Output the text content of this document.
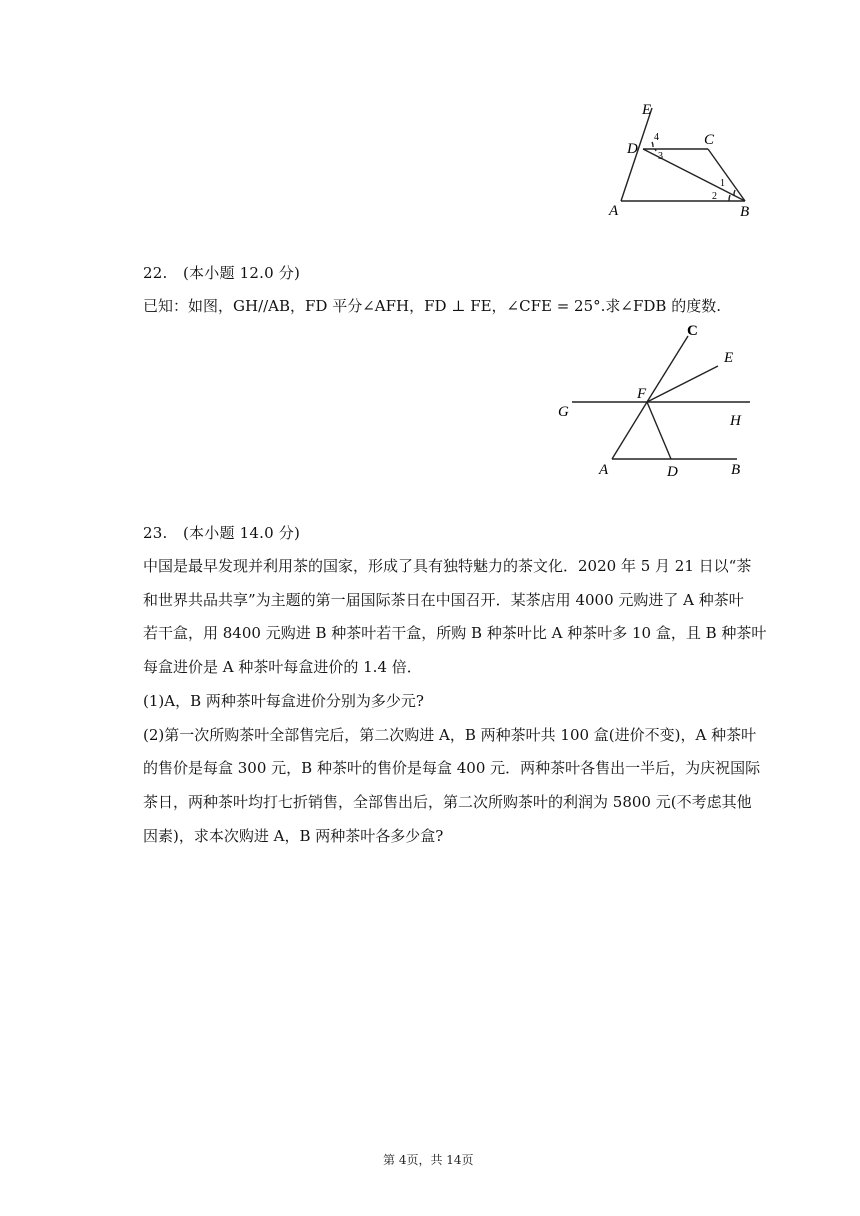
E
D
C
A	B
4
3
1
2
22. (本小题 12.0 分)
已知：如图，GH//AB，FD 平分∠AFH，FD ⊥ FE，∠CFE = 25°.求∠FDB 的度数.
C
E
F
G
H
A	D	B
23. (本小题 14.0 分)
中国是最早发现并利用茶的国家，形成了具有独特魅力的茶文化．2020 年 5 月 21 日以“茶
和世界共品共享”为主题的第一届国际茶日在中国召开．某茶店用 4000 元购进了 A 种茶叶
若干盒，用 8400 元购进 B 种茶叶若干盒，所购 B 种茶叶比 A 种茶叶多 10 盒，且 B 种茶叶
每盒进价是 A 种茶叶每盒进价的 1.4 倍．
(1)A，B 两种茶叶每盒进价分别为多少元?
(2)第一次所购茶叶全部售完后，第二次购进 A，B 两种茶叶共 100 盒(进价不变)，A 种茶叶
的售价是每盒 300 元，B 种茶叶的售价是每盒 400 元．两种茶叶各售出一半后，为庆祝国际
茶日，两种茶叶均打七折销售，全部售出后，第二次所购茶叶的利润为 5800 元(不考虑其他
因素)，求本次购进 A，B 两种茶叶各多少盒?
第 4页，共 14页
